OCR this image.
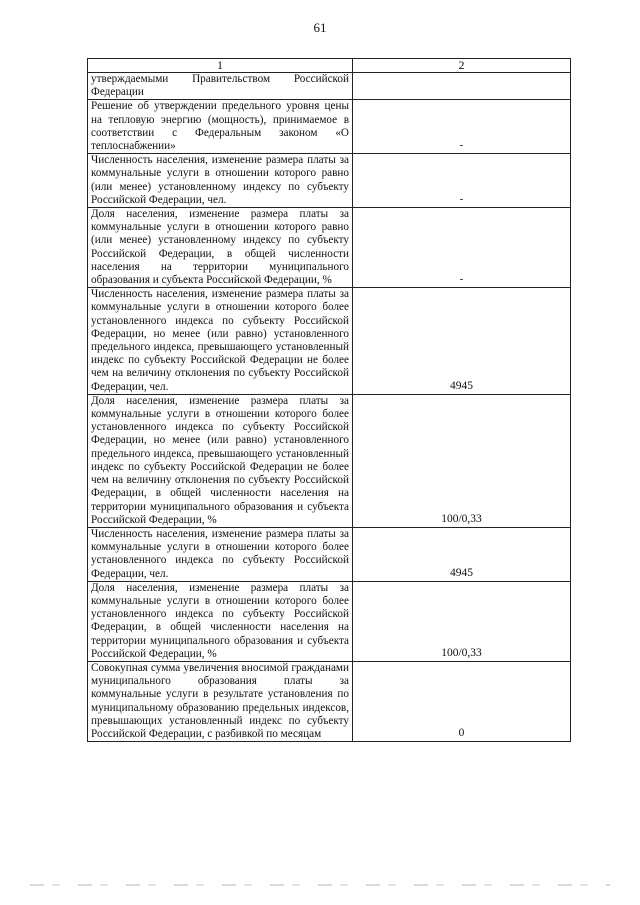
61
1	2

утверждаемыми Правительством Российской Федерации	

Решение об утверждении предельного уровня цены на тепловую энергию (мощность), принимаемое в соответствии с Федеральным законом «О теплоснабжении»	-

Численность населения, изменение размера платы за коммунальные услуги в отношении которого равно (или менее) установленному индексу по субъекту Российской Федерации, чел.	-

Доля населения, изменение размера платы за коммунальные услуги в отношении которого равно (или менее) установленному индексу по субъекту Российской Федерации, в общей численности населения на территории муниципального образования и субъекта Российской Федерации, %	-

Численность населения, изменение размера платы за коммунальные услуги в отношении которого более установленного индекса по субъекту Российской Федерации, но менее (или равно) установленного предельного индекса, превышающего установленный индекс по субъекту Российской Федерации не более чем на величину отклонения по субъекту Российской Федерации, чел.	4945

Доля населения, изменение размера платы за коммунальные услуги в отношении которого более установленного индекса по субъекту Российской Федерации, но менее (или равно) установленного предельного индекса, превышающего установленный индекс по субъекту Российской Федерации не более чем на величину отклонения по субъекту Российской Федерации, в общей численности населения на территории муниципального образования и субъекта Российской Федерации, %	100/0,33

Численность населения, изменение размера платы за коммунальные услуги в отношении которого более установленного индекса по субъекту Российской Федерации, чел.	4945

Доля населения, изменение размера платы за коммунальные услуги в отношении которого более установленного индекса по субъекту Российской Федерации, в общей численности населения на территории муниципального образования и субъекта Российской Федерации, %	100/0,33

Совокупная сумма увеличения вносимой гражданами муниципального образования платы за коммунальные услуги в результате установления по муниципальному образованию предельных индексов, превышающих установленный индекс по субъекту Российской Федерации, с разбивкой по месяцам	0
